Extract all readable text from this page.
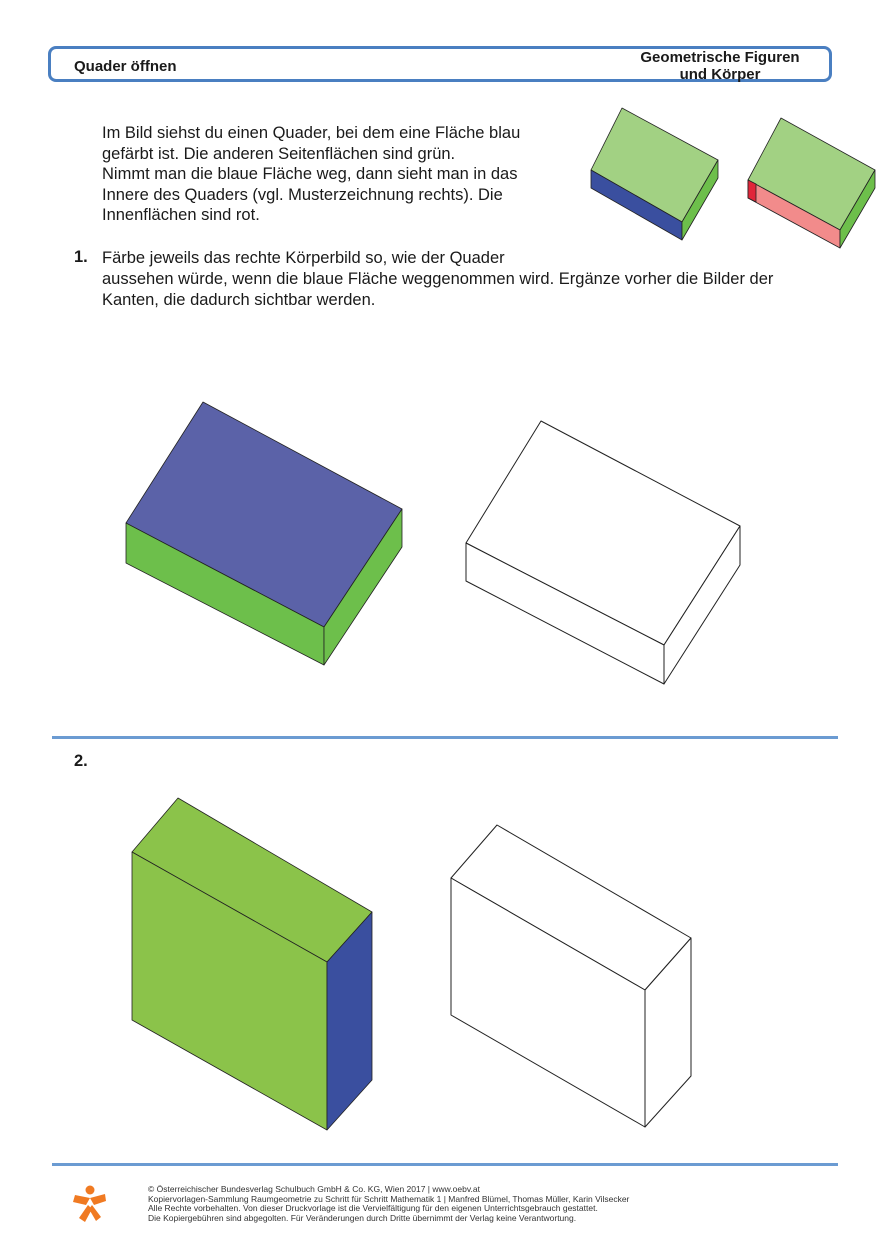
Quader öffnen
Geometrische Figuren
und Körper
Im Bild siehst du einen Quader, bei dem eine Fläche blau
gefärbt ist. Die anderen Seitenflächen sind grün.
Nimmt man die blaue Fläche weg, dann sieht man in das
Innere des Quaders (vgl. Musterzeichnung rechts). Die
Innenflächen sind rot.
1. Färbe jeweils das rechte Körperbild so, wie der Quader
aussehen würde, wenn die blaue Fläche weggenommen wird. Ergänze vorher die Bilder der
Kanten, die dadurch sichtbar werden.
2.
© Österreichischer Bundesverlag Schulbuch GmbH & Co. KG, Wien 2017 | www.oebv.at
Kopiervorlagen-Sammlung Raumgeometrie zu Schritt für Schritt Mathematik 1 | Manfred Blümel, Thomas Müller, Karin Vilsecker
Alle Rechte vorbehalten. Von dieser Druckvorlage ist die Vervielfältigung für den eigenen Unterrichtsgebrauch gestattet.
Die Kopiergebühren sind abgegolten. Für Veränderungen durch Dritte übernimmt der Verlag keine Verantwortung.
